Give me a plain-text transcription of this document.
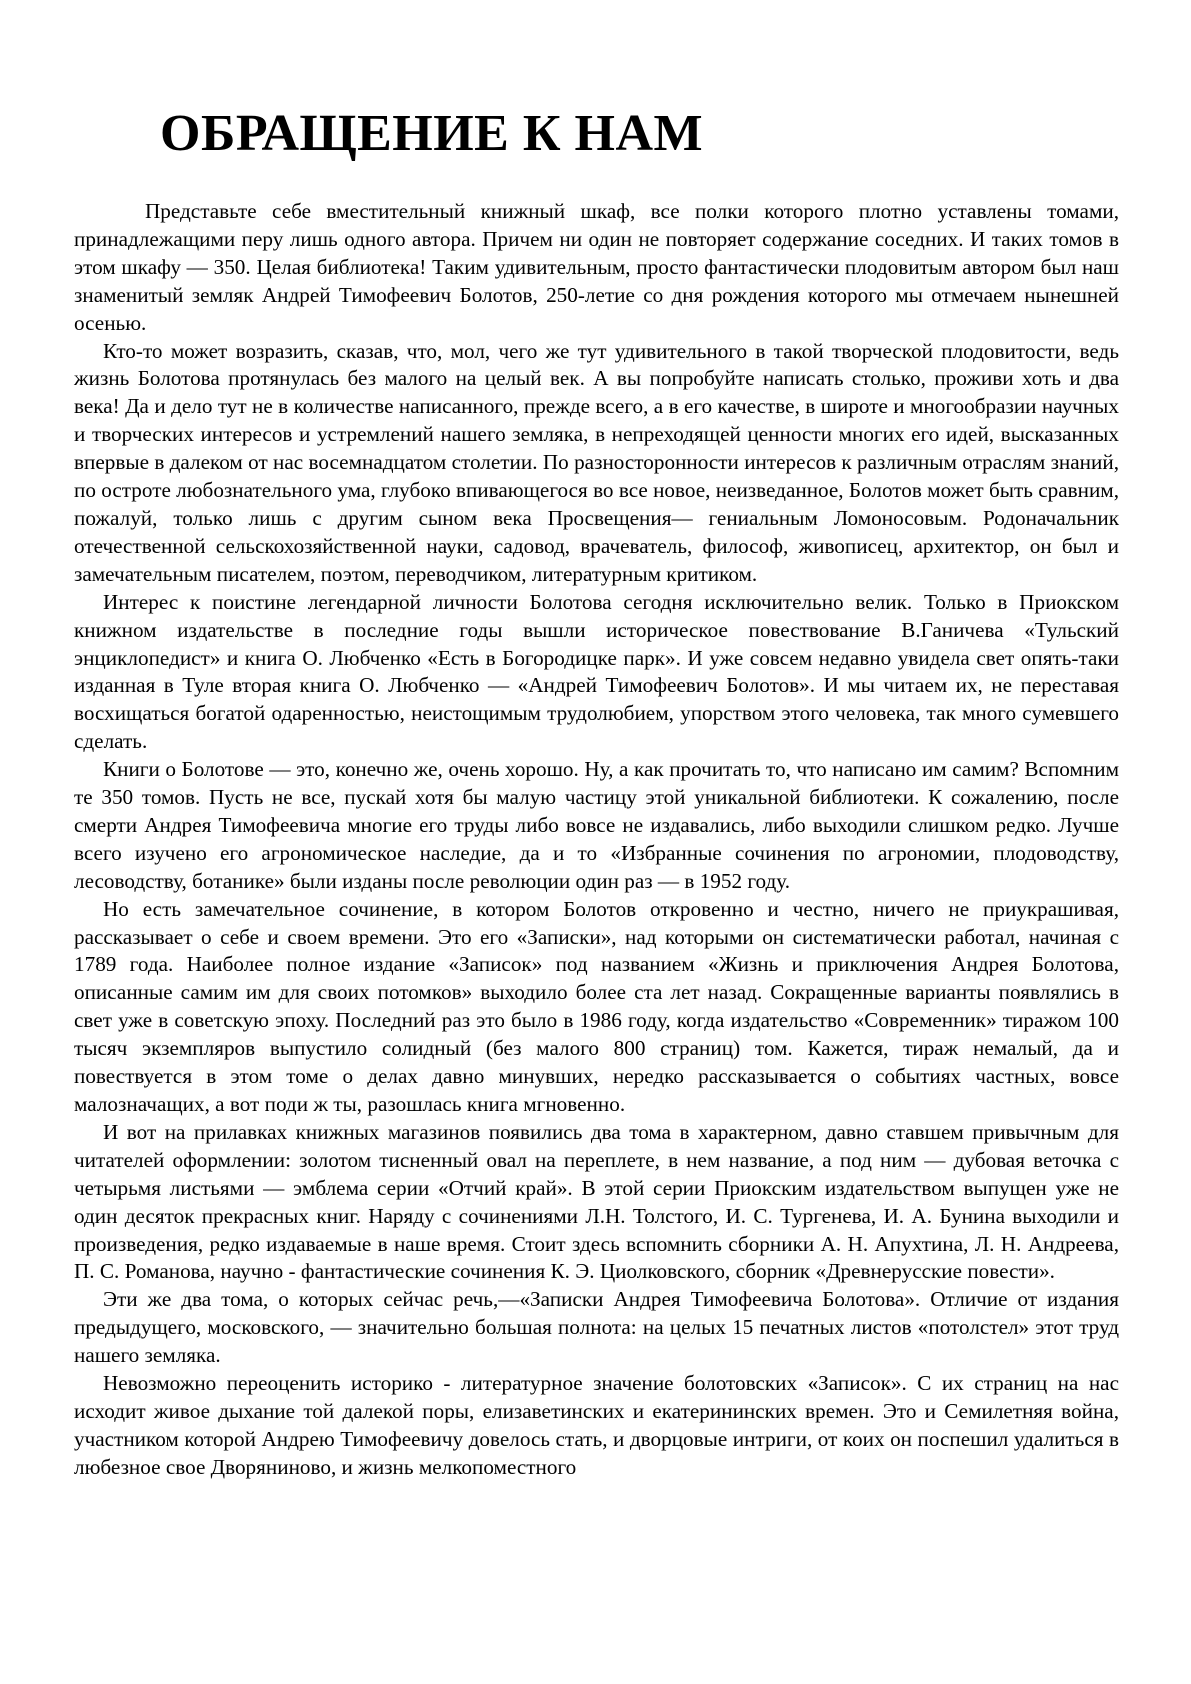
ОБРАЩЕНИЕ К НАМ

Представьте себе вместительный книжный шкаф, все полки которого плотно уставлены томами, принадлежащими перу лишь одного автора. Причем ни один не повторяет содержание соседних. И таких томов в этом шкафу — 350. Целая библиотека! Таким удивительным, просто фантастически плодовитым автором был наш знаменитый земляк Андрей Тимофеевич Болотов, 250-летие со дня рождения которого мы отмечаем нынешней осенью.

Кто-то может возразить, сказав, что, мол, чего же тут удивительного в такой творческой плодовитости, ведь жизнь Болотова протянулась без малого на целый век. А вы попробуйте написать столько, проживи хоть и два века! Да и дело тут не в количестве написанного, прежде всего, а в его качестве, в широте и многообразии научных и творческих интересов и устремлений нашего земляка, в непреходящей ценности многих его идей, высказанных впервые в далеком от нас восемнадцатом столетии. По разносторонности интересов к различным отраслям знаний, по остроте любознательного ума, глубоко впивающегося во все новое, неизведанное, Болотов может быть сравним, пожалуй, только лишь с другим сыном века Просвещения— гениальным Ломоносовым. Родоначальник отечественной сельскохозяйственной науки, садовод, врачеватель, философ, живописец, архитектор, он был и замечательным писателем, поэтом, переводчиком, литературным критиком.

Интерес к поистине легендарной личности Болотова сегодня исключительно велик. Только в Приокском книжном издательстве в последние годы вышли историческое повествование В.Ганичева «Тульский энциклопедист» и книга О. Любченко «Есть в Богородицке парк». И уже совсем недавно увидела свет опять-таки изданная в Туле вторая книга О. Любченко — «Андрей Тимофеевич Болотов». И мы читаем их, не переставая восхищаться богатой одаренностью, неистощимым трудолюбием, упорством этого человека, так много сумевшего сделать.

Книги о Болотове — это, конечно же, очень хорошо. Ну, а как прочитать то, что написано им самим? Вспомним те 350 томов. Пусть не все, пускай хотя бы малую частицу этой уникальной библиотеки. К сожалению, после смерти Андрея Тимофеевича многие его труды либо вовсе не издавались, либо выходили слишком редко. Лучше всего изучено его агрономическое наследие, да и то «Избранные сочинения по агрономии, плодоводству, лесоводству, ботанике» были изданы после революции один раз — в 1952 году.

Но есть замечательное сочинение, в котором Болотов откровенно и честно, ничего не приукрашивая, рассказывает о себе и своем времени. Это его «Записки», над которыми он систематически работал, начиная с 1789 года. Наиболее полное издание «Записок» под названием «Жизнь и приключения Андрея Болотова, описанные самим им для своих потомков» выходило более ста лет назад. Сокращенные варианты появлялись в свет уже в советскую эпоху. Последний раз это было в 1986 году, когда издательство «Современник» тиражом 100 тысяч экземпляров выпустило солидный (без малого 800 страниц) том. Кажется, тираж немалый, да и повествуется в этом томе о делах давно минувших, нередко рассказывается о событиях частных, вовсе малозначащих, а вот поди ж ты, разошлась книга мгновенно.

И вот на прилавках книжных магазинов появились два тома в характерном, давно ставшем привычным для читателей оформлении: золотом тисненный овал на переплете, в нем название, а под ним — дубовая веточка с четырьмя листьями — эмблема серии «Отчий край». В этой серии Приокским издательством выпущен уже не один десяток прекрасных книг. Наряду с сочинениями Л.Н. Толстого, И. С. Тургенева, И. А. Бунина выходили и произведения, редко издаваемые в наше время. Стоит здесь вспомнить сборники А. Н. Апухтина, Л. Н. Андреева, П. С. Романова, научно - фантастические сочинения К. Э. Циолковского, сборник «Древнерусские повести».

Эти же два тома, о которых сейчас речь,—«Записки Андрея Тимофеевича Болотова». Отличие от издания предыдущего, московского, — значительно большая полнота: на целых 15 печатных листов «потолстел» этот труд нашего земляка.

Невозможно переоценить историко - литературное значение болотовских «Записок». С их страниц на нас исходит живое дыхание той далекой поры, елизаветинских и екатерининских времен. Это и Семилетняя война, участником которой Андрею Тимофеевичу довелось стать, и дворцовые интриги, от коих он поспешил удалиться в любезное свое Дворяниново, и жизнь мелкопоместного
